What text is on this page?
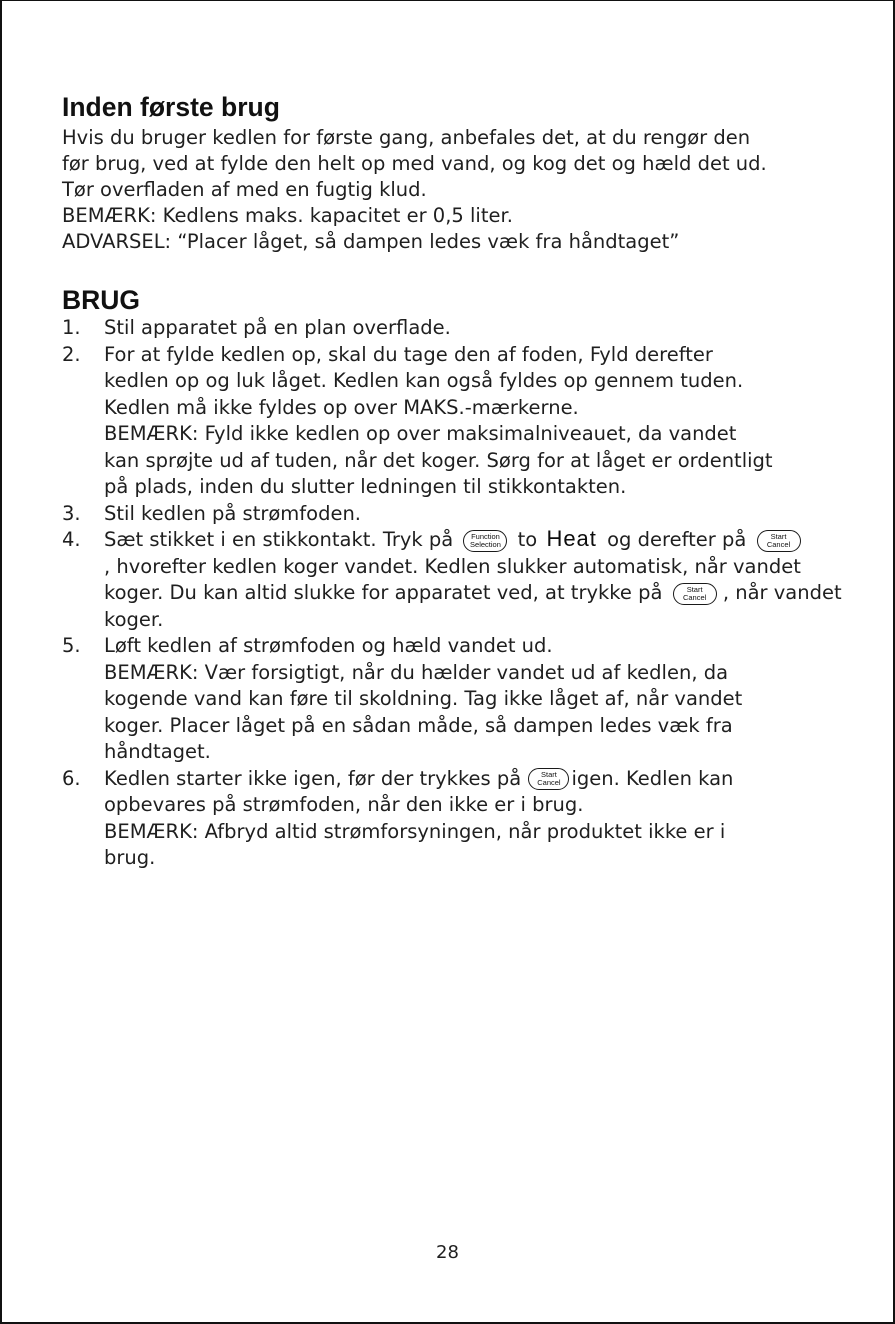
Inden første brug
Hvis du bruger kedlen for første gang, anbefales det, at du rengør den
før brug, ved at fylde den helt op med vand, og kog det og hæld det ud.
Tør overfladen af med en fugtig klud.
BEMÆRK: Kedlens maks. kapacitet er 0,5 liter.
ADVARSEL: “Placer låget, så dampen ledes væk fra håndtaget”
BRUG
1. Stil apparatet på en plan overflade.
2. For at fylde kedlen op, skal du tage den af foden, Fyld derefter
kedlen op og luk låget. Kedlen kan også fyldes op gennem tuden.
Kedlen må ikke fyldes op over MAKS.-mærkerne.
BEMÆRK: Fyld ikke kedlen op over maksimalniveauet, da vandet
kan sprøjte ud af tuden, når det koger. Sørg for at låget er ordentligt
på plads, inden du slutter ledningen til stikkontakten.
3. Stil kedlen på strømfoden.
4. Sæt stikket i en stikkontakt. Tryk på Function
Selection to Heat og derefter på	Start
Cancel
, hvorefter kedlen koger vandet. Kedlen slukker automatisk, når vandet
koger. Du kan altid slukke for apparatet ved, at trykke på	Start
Cancel , når vandet
koger.
5. Løft kedlen af strømfoden og hæld vandet ud.
BEMÆRK: Vær forsigtigt, når du hælder vandet ud af kedlen, da
kogende vand kan føre til skoldning. Tag ikke låget af, når vandet
koger. Placer låget på en sådan måde, så dampen ledes væk fra
håndtaget.
6. Kedlen starter ikke igen, før der trykkes på	Start
Cancel igen. Kedlen kan
opbevares på strømfoden, når den ikke er i brug.
BEMÆRK: Afbryd altid strømforsyningen, når produktet ikke er i
brug.
28
